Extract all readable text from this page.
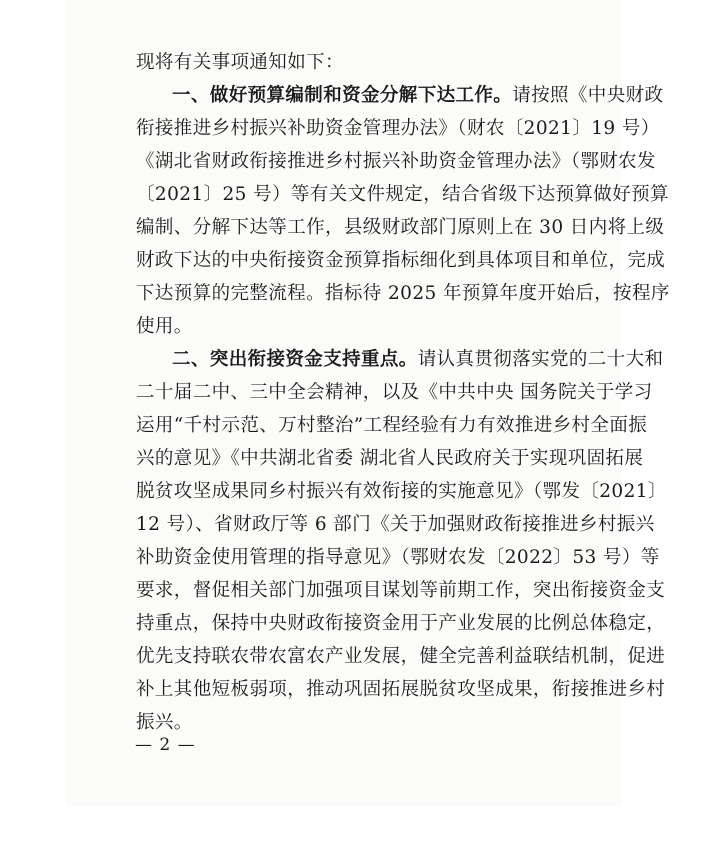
现将有关事项通知如下：
一、做好预算编制和资金分解下达工作。请按照《中央财政
衔接推进乡村振兴补助资金管理办法》（财农〔2021〕19 号）
《湖北省财政衔接推进乡村振兴补助资金管理办法》（鄂财农发
〔2021〕25 号）等有关文件规定，结合省级下达预算做好预算
编制、分解下达等工作，县级财政部门原则上在 30 日内将上级
财政下达的中央衔接资金预算指标细化到具体项目和单位，完成
下达预算的完整流程。指标待 2025 年预算年度开始后，按程序
使用。
二、突出衔接资金支持重点。请认真贯彻落实党的二十大和
二十届二中、三中全会精神，以及《中共中央 国务院关于学习
运用“千村示范、万村整治”工程经验有力有效推进乡村全面振
兴的意见》《中共湖北省委 湖北省人民政府关于实现巩固拓展
脱贫攻坚成果同乡村振兴有效衔接的实施意见》（鄂发〔2021〕
12 号）、省财政厅等 6 部门《关于加强财政衔接推进乡村振兴
补助资金使用管理的指导意见》（鄂财农发〔2022〕53 号）等
要求，督促相关部门加强项目谋划等前期工作，突出衔接资金支
持重点，保持中央财政衔接资金用于产业发展的比例总体稳定，
优先支持联农带农富农产业发展，健全完善利益联结机制，促进
补上其他短板弱项，推动巩固拓展脱贫攻坚成果，衔接推进乡村
振兴。
— 2 —
